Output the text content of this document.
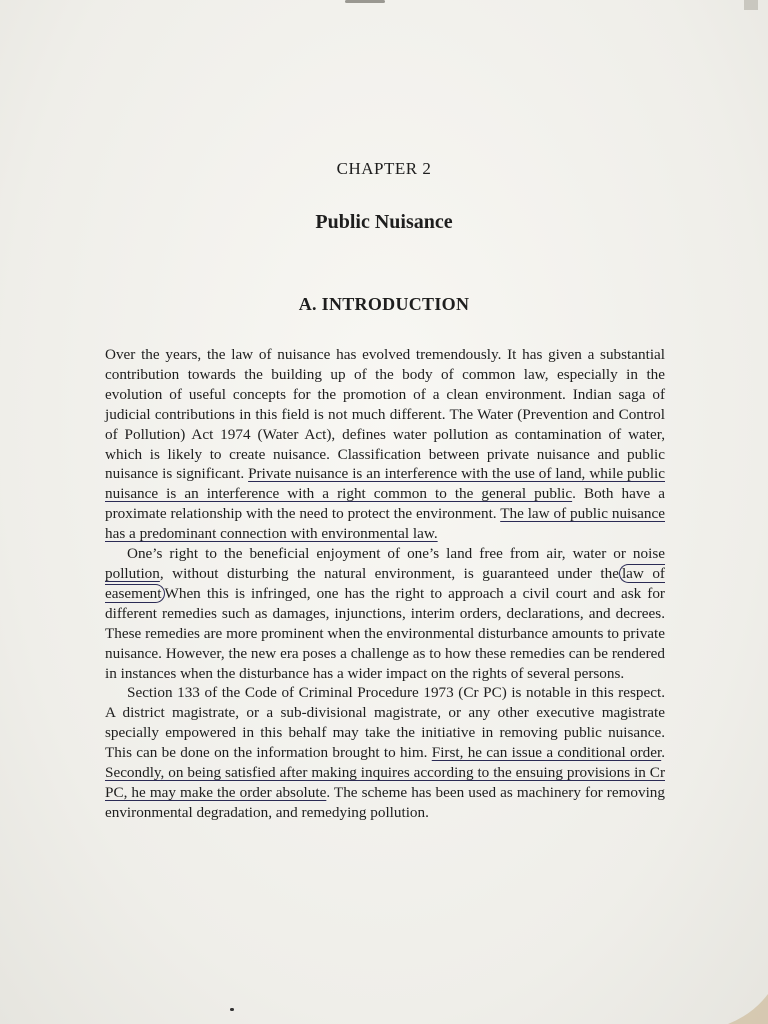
CHAPTER 2
Public Nuisance
A. INTRODUCTION

Over the years, the law of nuisance has evolved tremendously. It has given a substantial contribution towards the building up of the body of common law, especially in the evolution of useful concepts for the promotion of a clean environment. Indian saga of judicial contributions in this field is not much different. The Water (Prevention and Control of Pollution) Act 1974 (Water Act), defines water pollution as contamination of water, which is likely to create nuisance. Classification between private nuisance and public nuisance is significant. Private nuisance is an interference with the use of land, while public nuisance is an interference with a right common to the general public. Both have a proximate relationship with the need to protect the environment. The law of public nuisance has a predominant connection with environmental law.

One’s right to the beneficial enjoyment of one’s land free from air, water or noise pollution, without disturbing the natural environment, is guaranteed under the law of easement When this is infringed, one has the right to approach a civil court and ask for different remedies such as damages, injunctions, interim orders, declarations, and decrees. These remedies are more prominent when the environmental disturbance amounts to private nuisance. However, the new era poses a challenge as to how these remedies can be rendered in instances when the disturbance has a wider impact on the rights of several persons.

Section 133 of the Code of Criminal Procedure 1973 (Cr PC) is notable in this respect. A district magistrate, or a sub-divisional magistrate, or any other executive magistrate specially empowered in this behalf may take the initiative in removing public nuisance. This can be done on the information brought to him. First, he can issue a conditional order. Secondly, on being satisfied after making inquires according to the ensuing provisions in Cr PC, he may make the order absolute. The scheme has been used as machinery for removing environmental degradation, and remedying pollution.
